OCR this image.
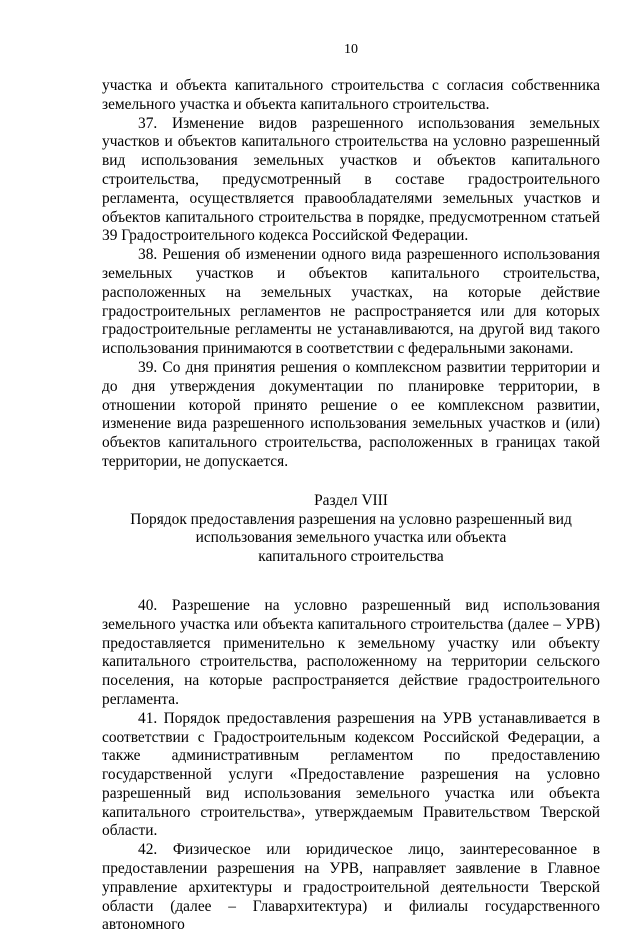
10

участка и объекта капитального строительства с согласия собственника земельного участка и объекта капитального строительства.

37. Изменение видов разрешенного использования земельных участков и объектов капитального строительства на условно разрешенный вид использования земельных участков и объектов капитального строительства, предусмотренный в составе градостроительного регламента, осуществляется правообладателями земельных участков и объектов капитального строительства в порядке, предусмотренном статьей 39 Градостроительного кодекса Российской Федерации.

38. Решения об изменении одного вида разрешенного использования земельных участков и объектов капитального строительства, расположенных на земельных участках, на которые действие градостроительных регламентов не распространяется или для которых градостроительные регламенты не устанавливаются, на другой вид такого использования принимаются в соответствии с федеральными законами.

39. Со дня принятия решения о комплексном развитии территории и до дня утверждения документации по планировке территории, в отношении которой принято решение о ее комплексном развитии, изменение вида разрешенного использования земельных участков и (или) объектов капитального строительства, расположенных в границах такой территории, не допускается.

Раздел VIII
Порядок предоставления разрешения на условно разрешенный вид
использования земельного участка или объекта
капитального строительства

40. Разрешение на условно разрешенный вид использования земельного участка или объекта капитального строительства (далее – УРВ) предоставляется применительно к земельному участку или объекту капитального строительства, расположенному на территории сельского поселения, на которые распространяется действие градостроительного регламента.

41. Порядок предоставления разрешения на УРВ устанавливается в соответствии с Градостроительным кодексом Российской Федерации, а также административным регламентом по предоставлению государственной услуги «Предоставление разрешения на условно разрешенный вид использования земельного участка или объекта капитального строительства», утверждаемым Правительством Тверской области.

42. Физическое или юридическое лицо, заинтересованное в предоставлении разрешения на УРВ, направляет заявление в Главное управление архитектуры и градостроительной деятельности Тверской области (далее – Главархитектура) и филиалы государственного автономного
